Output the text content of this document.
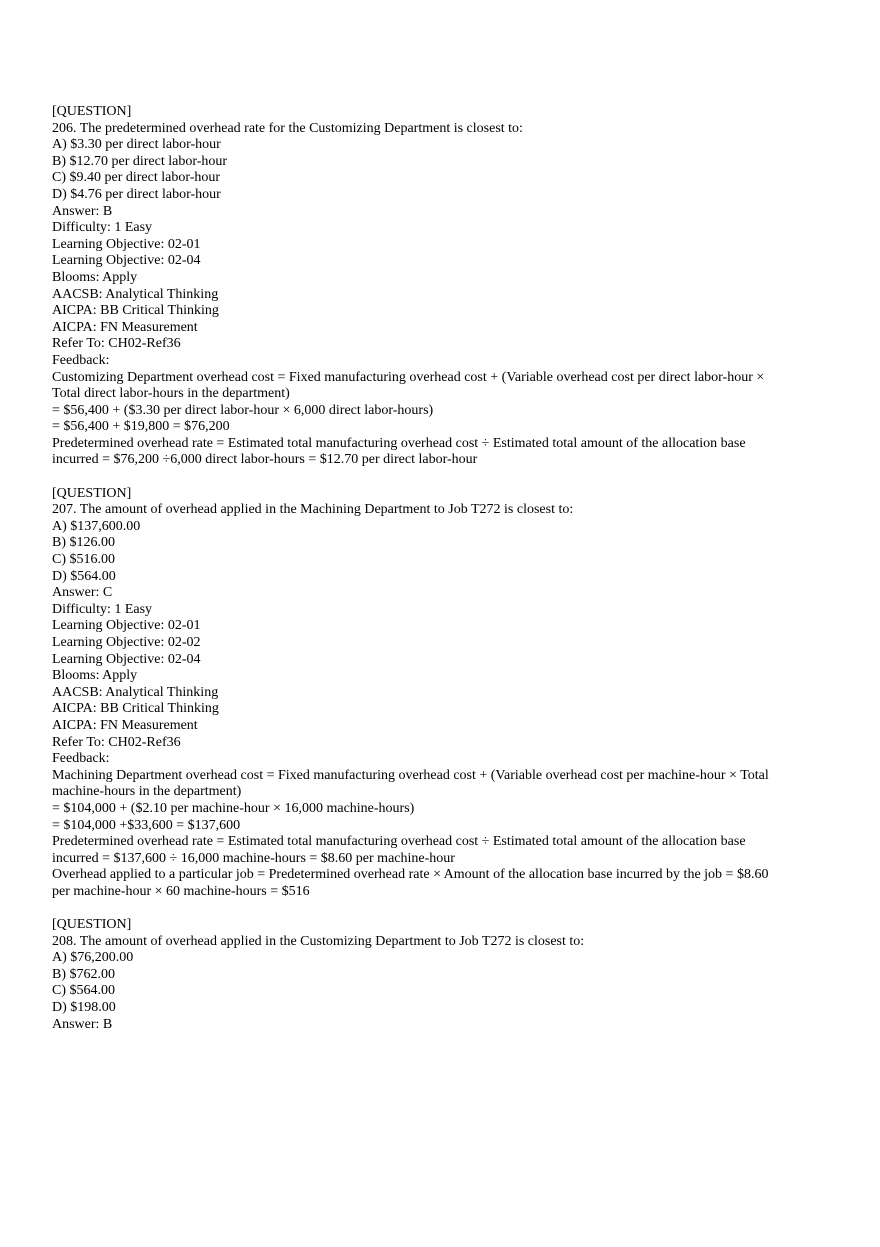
[QUESTION]
206. The predetermined overhead rate for the Customizing Department is closest to:
A) $3.30 per direct labor-hour
B) $12.70 per direct labor-hour
C) $9.40 per direct labor-hour
D) $4.76 per direct labor-hour
Answer: B
Difficulty: 1 Easy
Learning Objective: 02-01
Learning Objective: 02-04
Blooms: Apply
AACSB: Analytical Thinking
AICPA: BB Critical Thinking
AICPA: FN Measurement
Refer To: CH02-Ref36
Feedback:
Customizing Department overhead cost = Fixed manufacturing overhead cost + (Variable overhead cost per direct labor-hour × Total direct labor-hours in the department)
= $56,400 + ($3.30 per direct labor-hour × 6,000 direct labor-hours)
= $56,400 + $19,800 = $76,200
Predetermined overhead rate = Estimated total manufacturing overhead cost ÷ Estimated total amount of the allocation base incurred = $76,200 ÷6,000 direct labor-hours = $12.70 per direct labor-hour
[QUESTION]
207. The amount of overhead applied in the Machining Department to Job T272 is closest to:
A) $137,600.00
B) $126.00
C) $516.00
D) $564.00
Answer: C
Difficulty: 1 Easy
Learning Objective: 02-01
Learning Objective: 02-02
Learning Objective: 02-04
Blooms: Apply
AACSB: Analytical Thinking
AICPA: BB Critical Thinking
AICPA: FN Measurement
Refer To: CH02-Ref36
Feedback:
Machining Department overhead cost = Fixed manufacturing overhead cost + (Variable overhead cost per machine-hour × Total machine-hours in the department)
= $104,000 + ($2.10 per machine-hour × 16,000 machine-hours)
= $104,000 +$33,600 = $137,600
Predetermined overhead rate = Estimated total manufacturing overhead cost ÷ Estimated total amount of the allocation base incurred = $137,600 ÷ 16,000 machine-hours = $8.60 per machine-hour
Overhead applied to a particular job = Predetermined overhead rate × Amount of the allocation base incurred by the job = $8.60 per machine-hour × 60 machine-hours = $516
[QUESTION]
208. The amount of overhead applied in the Customizing Department to Job T272 is closest to:
A) $76,200.00
B) $762.00
C) $564.00
D) $198.00
Answer: B
